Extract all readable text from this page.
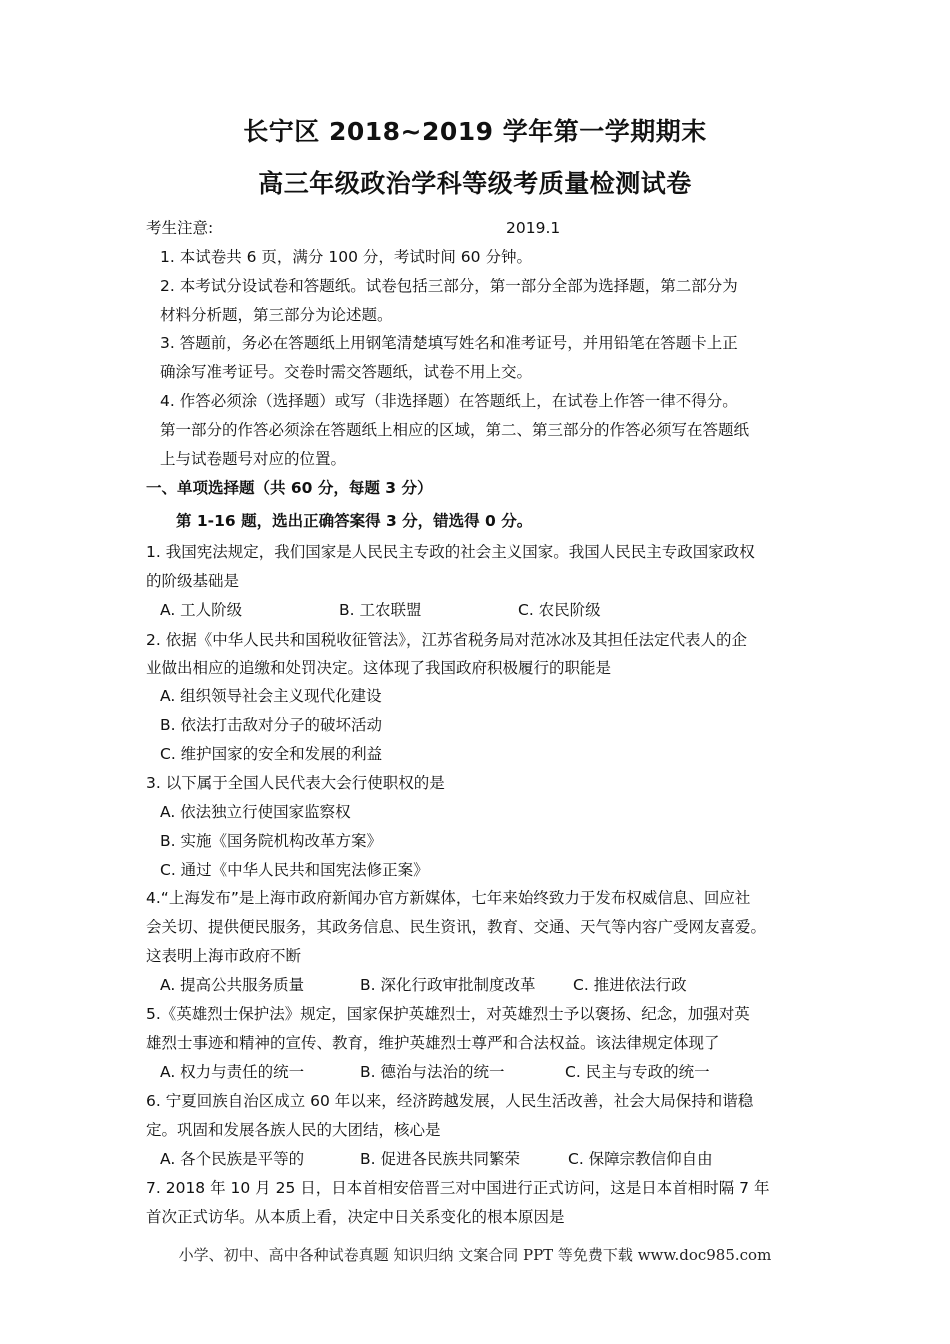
长宁区 2018~2019 学年第一学期期末
高三年级政治学科等级考质量检测试卷
考生注意:	2019.1
1. 本试卷共 6 页，满分 100 分，考试时间 60 分钟。
2. 本考试分设试卷和答题纸。试卷包括三部分，第一部分全部为选择题，第二部分为
材料分析题，第三部分为论述题。
3. 答题前，务必在答题纸上用钢笔清楚填写姓名和准考证号，并用铅笔在答题卡上正
确涂写准考证号。交卷时需交答题纸，试卷不用上交。
4. 作答必须涂（选择题）或写（非选择题）在答题纸上，在试卷上作答一律不得分。
第一部分的作答必须涂在答题纸上相应的区域，第二、第三部分的作答必须写在答题纸
上与试卷题号对应的位置。
一、单项选择题（共 60 分，每题 3 分）
第 1-16 题，选出正确答案得 3 分，错选得 0 分。
1. 我国宪法规定，我们国家是人民民主专政的社会主义国家。我国人民民主专政国家政权
的阶级基础是
A. 工人阶级	B. 工农联盟	C. 农民阶级
2. 依据《中华人民共和国税收征管法》，江苏省税务局对范冰冰及其担任法定代表人的企
业做出相应的追缴和处罚决定。这体现了我国政府积极履行的职能是
A. 组织领导社会主义现代化建设
B. 依法打击敌对分子的破坏活动
C. 维护国家的安全和发展的利益
3. 以下属于全国人民代表大会行使职权的是
A. 依法独立行使国家监察权
B. 实施《国务院机构改革方案》
C. 通过《中华人民共和国宪法修正案》
4.“上海发布”是上海市政府新闻办官方新媒体，七年来始终致力于发布权威信息、回应社
会关切、提供便民服务，其政务信息、民生资讯，教育、交通、天气等内容广受网友喜爱。
这表明上海市政府不断
A. 提高公共服务质量	B. 深化行政审批制度改革 C. 推进依法行政
5.《英雄烈士保护法》规定，国家保护英雄烈士，对英雄烈士予以褒扬、纪念，加强对英
雄烈士事迹和精神的宣传、教育，维护英雄烈士尊严和合法权益。该法律规定体现了
A. 权力与责任的统一	B. 德治与法治的统一	C. 民主与专政的统一
6. 宁夏回族自治区成立 60 年以来，经济跨越发展，人民生活改善，社会大局保持和谐稳
定。巩固和发展各族人民的大团结，核心是
A. 各个民族是平等的	B. 促进各民族共同繁荣	C. 保障宗教信仰自由
7. 2018 年 10 月 25 日，日本首相安倍晋三对中国进行正式访问，这是日本首相时隔 7 年
首次正式访华。从本质上看，决定中日关系变化的根本原因是
小学、初中、高中各种试卷真题 知识归纳 文案合同 PPT 等免费下载 www.doc985.com
